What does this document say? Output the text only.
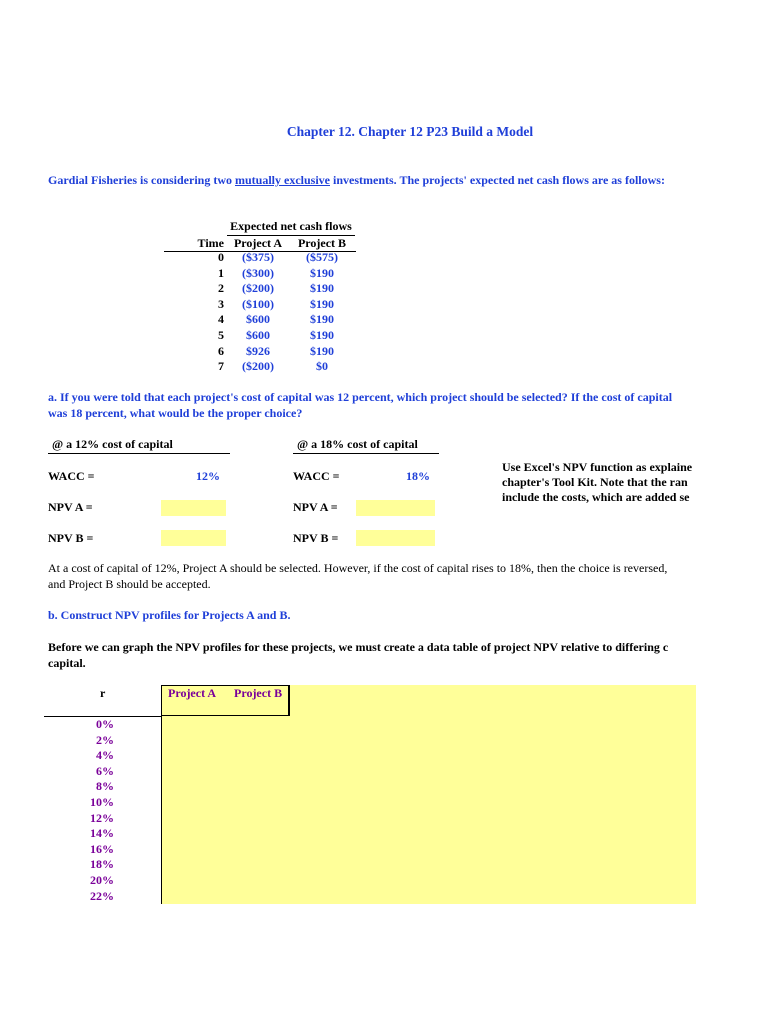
Chapter 12. Chapter 12 P23 Build a Model
Gardial Fisheries is considering two mutually exclusive investments. The projects' expected net cash flows are as follows:
Expected net cash flows
Time Project A Project B
0 ($375)	($575)
1 ($300)	$190
2 ($200)	$190
3 ($100)	$190
4 $600	$190
5 $600	$190
6 $926	$190
7 ($200)	$0
a. If you were told that each project's cost of capital was 12 percent, which project should be selected? If the cost of capital was 18 percent, what would be the proper choice?
@ a 12% cost of capital
WACC =	12%
NPV A =
NPV B =
@ a 18% cost of capital
WACC =	18%
NPV A =
NPV B =
Use Excel's NPV function as explaine
chapter's Tool Kit. Note that the ran
include the costs, which are added se
At a cost of capital of 12%, Project A should be selected. However, if the cost of capital rises to 18%, then the choice is reversed, and Project B should be accepted.
b. Construct NPV profiles for Projects A and B.
Before we can graph the NPV profiles for these projects, we must create a data table of project NPV relative to differing c
capital.
r	Project A Project B
0%
2%
4%
6%
8%
10%
12%
14%
16%
18%
20%
22%
